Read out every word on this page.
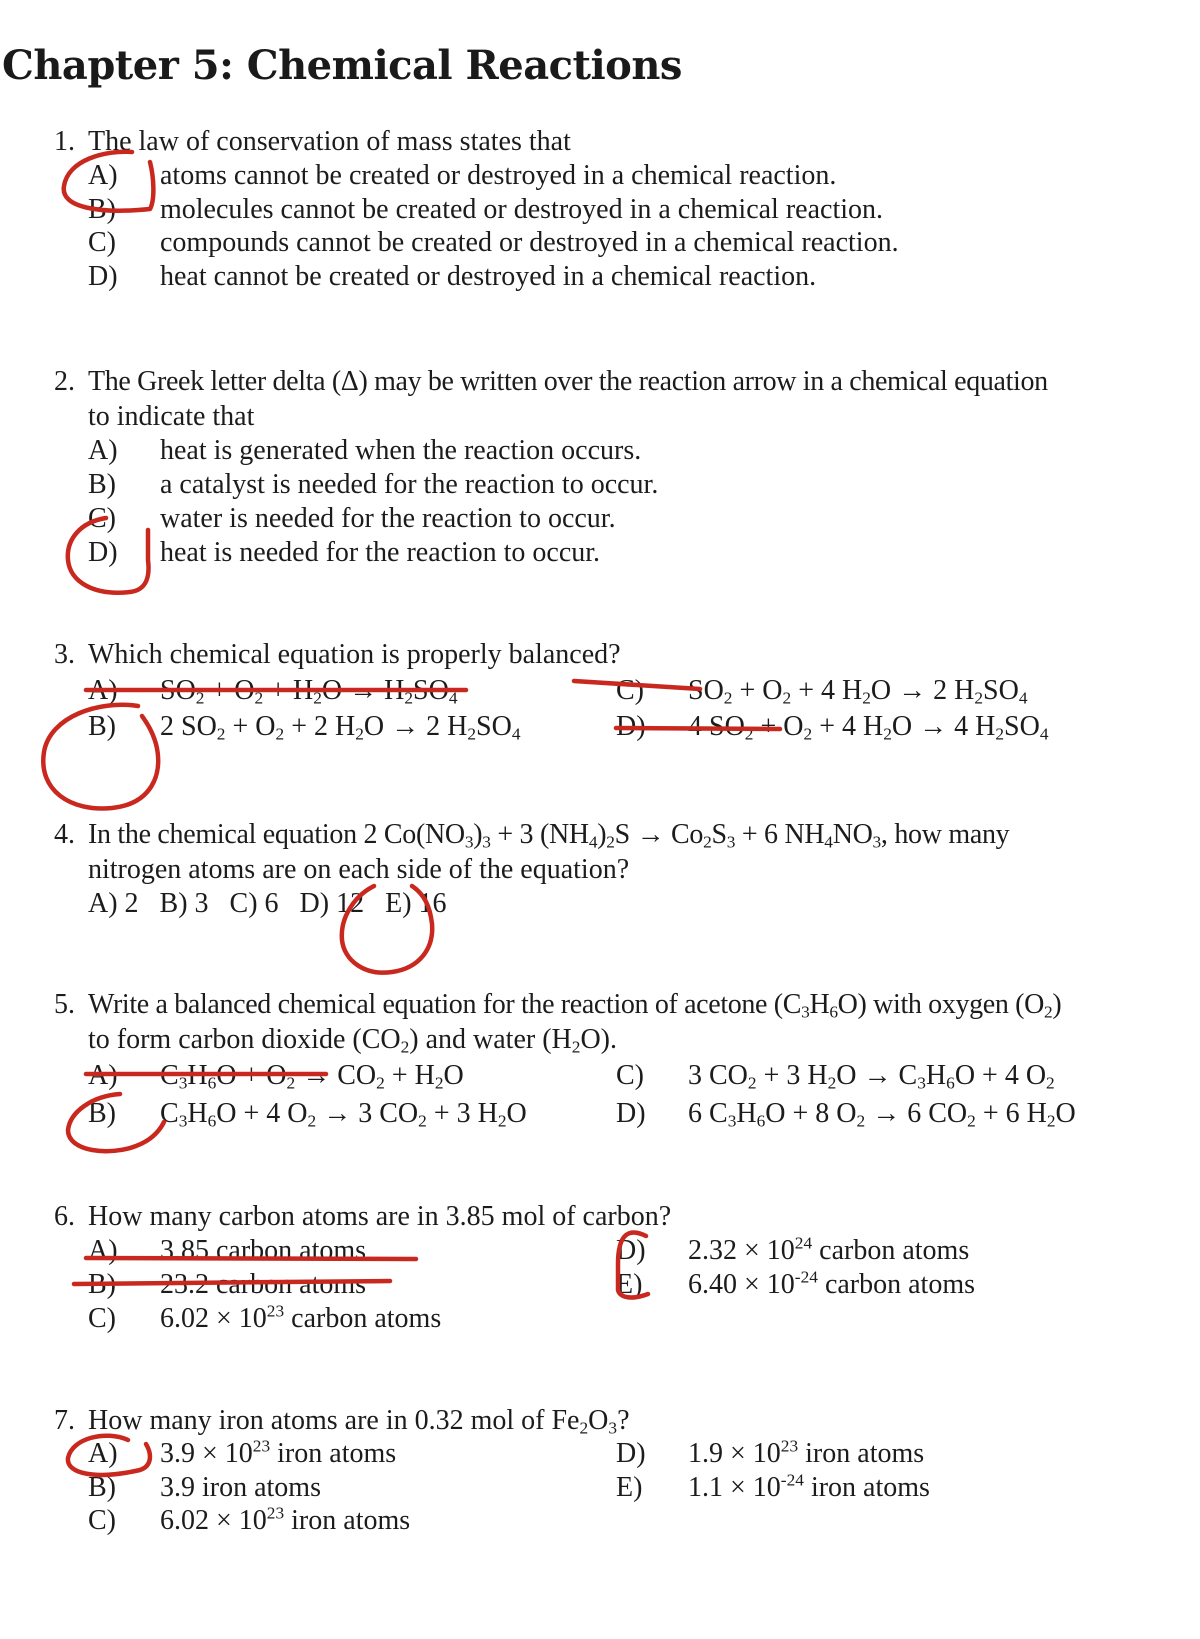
Chapter 5: Chemical Reactions
1. The law of conservation of mass states that
A) atoms cannot be created or destroyed in a chemical reaction.
B) molecules cannot be created or destroyed in a chemical reaction.
C) compounds cannot be created or destroyed in a chemical reaction.
D) heat cannot be created or destroyed in a chemical reaction.
2. The Greek letter delta (Δ) may be written over the reaction arrow in a chemical equation
to indicate that
A) heat is generated when the reaction occurs.
B) a catalyst is needed for the reaction to occur.
C) water is needed for the reaction to occur.
D) heat is needed for the reaction to occur.
3. Which chemical equation is properly balanced?
A) $SO_2 + O_2 + H_2O \to H_2SO_4$
B) 2 $SO_2 + O_2 + 2$ $H_2O \to 2$ $H_2SO_4$
C) $SO_2 + O_2 + 4$ $H_2O \to 2$ $H_2SO_4$
D) 4 $SO_2 + O_2 + 4$ $H_2O \to 4$ $H_2SO_4$
4. In the chemical equation 2 $Co(NO_3)_3 + 3$ $(NH_4)_2S \to Co_2S_3 + 6$ $NH_4NO_3$, how many
nitrogen atoms are on each side of the equation?
A) 2   B) 3   C) 6   D) 12   E) 16
5. Write a balanced chemical equation for the reaction of acetone $(C_3H_6O)$ with oxygen $(O_2)$
to form carbon dioxide $(CO_2)$ and water $(H_2O)$.
A) $C_3H_6O + O_2 \to CO_2 + H_2O$
B) $C_3H_6O + 4$ $O_2 \to 3$ $CO_2 + 3$ $H_2O$
C) 3 $CO_2 + 3$ $H_2O \to C_3H_6O + 4$ $O_2$
D) 6 $C_3H_6O + 8$ $O_2 \to 6$ $CO_2 + 6$ $H_2O$
6. How many carbon atoms are in 3.85 mol of carbon?
A) 3.85 carbon atoms
B) 23.2 carbon atoms
C) $6.02 \times 10^{23}$ carbon atoms
D) $2.32 \times 10^{24}$ carbon atoms
E) $6.40 \times 10^{-24}$ carbon atoms
7. How many iron atoms are in 0.32 mol of $Fe_2O_3$?
A) $3.9 \times 10^{23}$ iron atoms
B) 3.9 iron atoms
C) $6.02 \times 10^{23}$ iron atoms
D) $1.9 \times 10^{23}$ iron atoms
E) $1.1 \times 10^{-24}$ iron atoms
